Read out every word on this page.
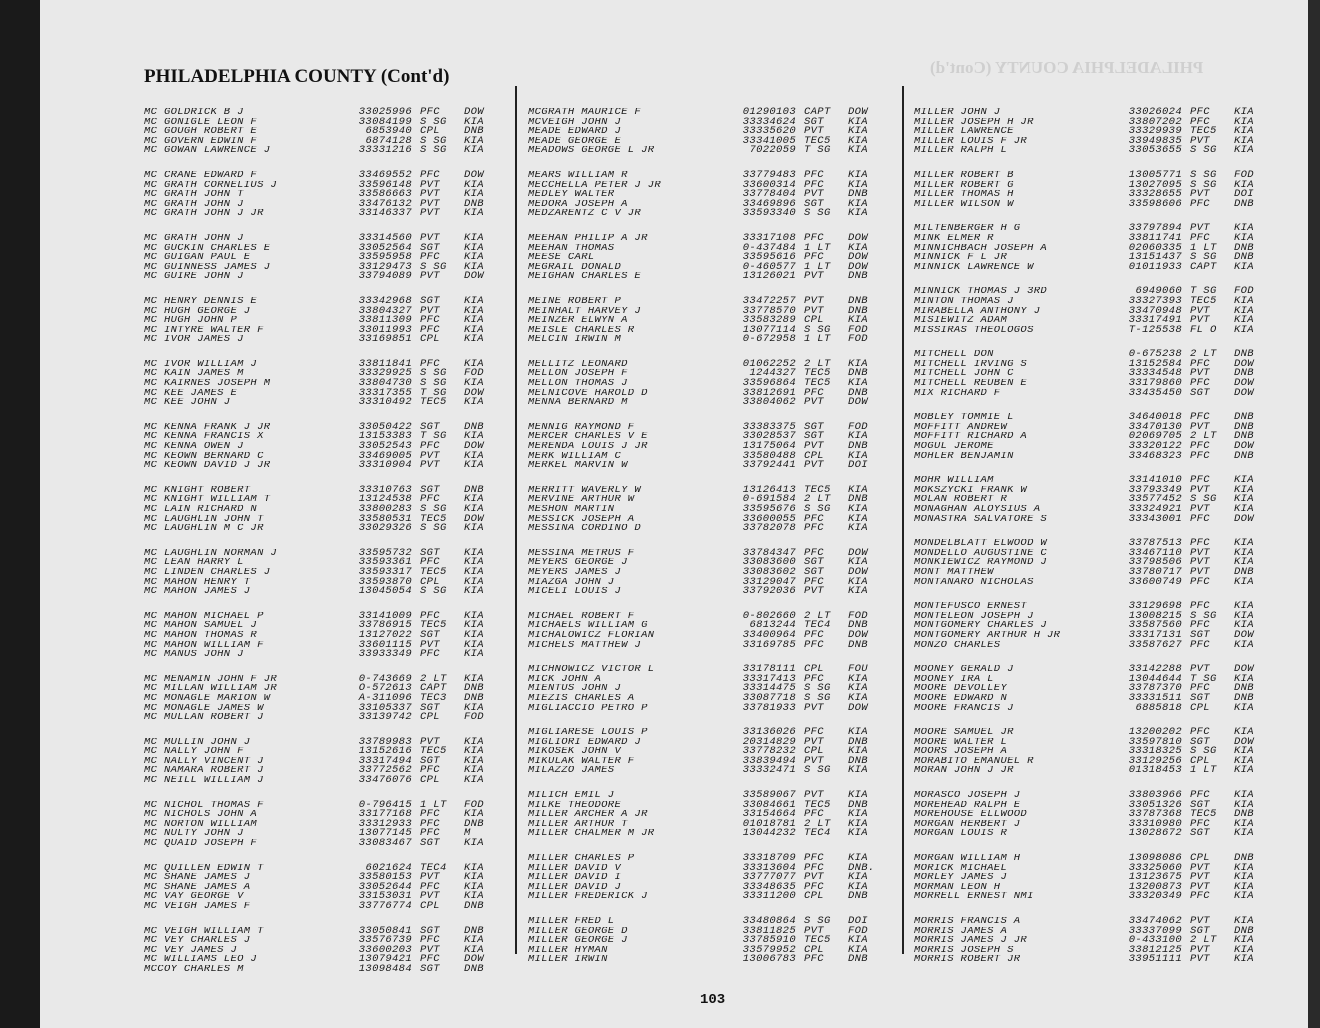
PHILADELPHIA COUNTY (Cont'd)	PHILADELPHIA COUNTY (Cont'd)
MC GOLDRICK B J	33025996 PFC	DOW
MC GONIGLE LEON F	33084199 S SG	KIA
MC GOUGH ROBERT E	6853940 CPL	DNB
MC GOVERN EDWIN F	6874128 S SG	KIA
MC GOWAN LAWRENCE J	33331216 S SG	KIA
MC CRANE EDWARD F	33469552 PFC	DOW
MC GRATH CORNELIUS J	33596148 PVT	KIA
MC GRATH JOHN T	33586663 PVT	KIA
MC GRATH JOHN J	33476132 PVT	DNB
MC GRATH JOHN J JR	33146337 PVT	KIA
MC GRATH JOHN J	33314560 PVT	KIA
MC GUCKIN CHARLES E	33052564 SGT	KIA
MC GUIGAN PAUL E	33595958 PFC	KIA
MC GUINNESS JAMES J	33129473 S SG	KIA
MC GUIRE JOHN J	33794089 PVT	DOW
MC HENRY DENNIS E	33342968 SGT	KIA
MC HUGH GEORGE J	33804327 PVT	KIA
MC HUGH JOHN P	33811309 PFC	KIA
MC INTYRE WALTER F	33011993 PFC	KIA
MC IVOR JAMES J	33169851 CPL	KIA
MC IVOR WILLIAM J	33811841 PFC	KIA
MC KAIN JAMES M	33329925 S SG	FOD
MC KAIRNES JOSEPH M	33804730 S SG	KIA
MC KEE JAMES E	33317355 T SG	DOW
MC KEE JOHN J	33310492 TEC5	KIA
MC KENNA FRANK J JR	33050422 SGT	DNB
MC KENNA FRANCIS X	13153383 T SG	KIA
MC KENNA OWEN J	33052543 PFC	DOW
MC KEOWN BERNARD C	33469005 PVT	KIA
MC KEOWN DAVID J JR	33310904 PVT	KIA
MC KNIGHT ROBERT	33310763 SGT	DNB
MC KNIGHT WILLIAM T	13124538 PFC	KIA
MC LAIN RICHARD N	33800283 S SG	KIA
MC LAUGHLIN JOHN T	33580531 TEC5	DOW
MC LAUGHLIN M C JR	33029326 S SG	KIA
MC LAUGHLIN NORMAN J	33595732 SGT	KIA
MC LEAN HARRY L	33593361 PFC	KIA
MC LINDEN CHARLES J	33593317 TEC5	KIA
MC MAHON HENRY T	33593870 CPL	KIA
MC MAHON JAMES J	13045054 S SG	KIA
MC MAHON MICHAEL P	33141009 PFC	KIA
MC MAHON SAMUEL J	33786915 TEC5	KIA
MC MAHON THOMAS R	13127022 SGT	KIA
MC MAHON WILLIAM F	33601115 PVT	KIA
MC MANUS JOHN J	33933349 PFC	KIA
MC MENAMIN JOHN F JR	0-743669 2 LT	KIA
MC MILLAN WILLIAM JR	O-572613 CAPT	DNB
MC MONAGLE MARION W	A-311096 TEC3	DNB
MC MONAGLE JAMES W	33105337 SGT	KIA
MC MULLAN ROBERT J	33139742 CPL	FOD
MC MULLIN JOHN J	33789983 PVT	KIA
MC NALLY JOHN F	13152616 TEC5	KIA
MC NALLY VINCENT J	33317494 SGT	KIA
MC NAMARA ROBERT J	33772562 PFC	KIA
MC NEILL WILLIAM J	33476076 CPL	KIA
MC NICHOL THOMAS F	0-796415 1 LT	FOD
MC NICHOLS JOHN A	33177168 PFC	KIA
MC NORTON WILLIAM	33312933 PFC	DNB
MC NULTY JOHN J	13077145 PFC	M
MC QUAID JOSEPH F	33083467 SGT	KIA
MC QUILLEN EDWIN T	6021624 TEC4	KIA
MC SHANE JAMES J	33580153 PVT	KIA
MC SHANE JAMES A	33052644 PFC	KIA
MC VAY GEORGE V	33153031 PVT	KIA
MC VEIGH JAMES F	33776774 CPL	DNB
MC VEIGH WILLIAM T	33050841 SGT	DNB
MC VEY CHARLES J	33576739 PFC	KIA
MC VEY JAMES J	33600203 PVT	KIA
MC WILLIAMS LEO J	13079421 PFC	DOW
MCCOY CHARLES M	13098484 SGT	DNB
MCGRATH MAURICE F	01290103 CAPT	DOW
MCVEIGH JOHN J	33334624 SGT	KIA
MEADE EDWARD J	33335620 PVT	KIA
MEADE GEORGE E	33341005 TEC5	KIA
MEADOWS GEORGE L JR	7022059 T SG	KIA
MEARS WILLIAM R	33779483 PFC	KIA
MECCHELLA PETER J JR	33600314 PFC	KIA
MEDLEY WALTER	33778404 PVT	DNB
MEDORA JOSEPH A	33469896 SGT	KIA
MEDZARENTZ C V JR	33593340 S SG	KIA
MEEHAN PHILIP A JR	33317108 PFC	DOW
MEEHAN THOMAS	0-437484 1 LT	KIA
MEESE CARL	33595616 PFC	DOW
MEGRAIL DONALD	0-460577 1 LT	DOW
MEIGHAN CHARLES E	13126021 PVT	DNB
MEINE ROBERT P	33472257 PVT	DNB
MEINHALT HARVEY J	33778570 PVT	DNB
MEINZER ELWYN A	33583289 CPL	KIA
MEISLE CHARLES R	13077114 S SG	FOD
MELCIN IRWIN M	0-672958 1 LT	FOD
MELLITZ LEONARD	01062252 2 LT	KIA
MELLON JOSEPH F	1244327 TEC5	DNB
MELLON THOMAS J	33596864 TEC5	KIA
MELNICOVE HAROLD D	33812691 PFC	DNB
MENNA BERNARD M	33804062 PVT	DOW
MENNIG RAYMOND F	33383375 SGT	FOD
MERCER CHARLES V E	33028537 SGT	KIA
MERENDA LOUIS J JR	13175064 PVT	DNB
MERK WILLIAM C	33580488 CPL	KIA
MERKEL MARVIN W	33792441 PVT	DOI
MERRITT WAVERLY W	13126413 TEC5	KIA
MERVINE ARTHUR W	0-691584 2 LT	DNB
MESHON MARTIN	33595676 S SG	KIA
MESSICK JOSEPH A	33600055 PFC	KIA
MESSINA CORDINO D	33782078 PFC	KIA
MESSINA METRUS F	33784347 PFC	DOW
MEYERS GEORGE J	33083600 SGT	KIA
MEYERS JAMES J	33083602 SGT	DOW
MIAZGA JOHN J	33129047 PFC	KIA
MICELI LOUIS J	33792036 PVT	KIA
MICHAEL ROBERT F	0-802660 2 LT	FOD
MICHAELS WILLIAM G	6813244 TEC4	DNB
MICHALOWICZ FLORIAN	33400964 PFC	DOW
MICHELS MATTHEW J	33169785 PFC	DNB
MICHNOWICZ VICTOR L	33178111 CPL	FOU
MICK JOHN A	33317413 PFC	KIA
MIENTUS JOHN J	33314475 S SG	KIA
MIEZIS CHARLES A	33087718 S SG	KIA
MIGLIACCIO PETRO P	33781933 PVT	DOW
MIGLIARESE LOUIS P	33136026 PFC	KIA
MIGLIORI EDWARD J	20314829 PVT	DNB
MIKOSEK JOHN V	33778232 CPL	KIA
MIKULAK WALTER F	33839494 PVT	DNB
MILAZZO JAMES	33332471 S SG	KIA
MILICH EMIL J	33589067 PVT	KIA
MILKE THEODORE	33084661 TEC5	DNB
MILLER ARCHER A JR	33154664 PFC	KIA
MILLER ARTHUR T	01018781 2 LT	KIA
MILLER CHALMER M JR	13044232 TEC4	KIA
MILLER CHARLES P	33318709 PFC	KIA
MILLER DAVID V	33313604 PFC	DNB.
MILLER DAVID I	33777077 PVT	KIA
MILLER DAVID J	33348635 PFC	KIA
MILLER FREDERICK J	33311200 CPL	DNB
MILLER FRED L	33480864 S SG	DOI
MILLER GEORGE D	33811825 PVT	FOD
MILLER GEORGE J	33785910 TEC5	KIA
MILLER HYMAN	33579952 CPL	KIA
MILLER IRWIN	13006783 PFC	DNB
MILLER JOHN J	33026024 PFC	KIA
MILLER JOSEPH H JR	33807202 PFC	KIA
MILLER LAWRENCE	33329939 TEC5	KIA
MILLER LOUIS F JR	33949835 PVT	KIA
MILLER RALPH L	33053655 S SG	KIA
MILLER ROBERT B	13005771 S SG	FOD
MILLER ROBERT G	13027095 S SG	KIA
MILLER THOMAS H	33328655 PVT	DOI
MILLER WILSON W	33598606 PFC	DNB
MILTENBERGER H G	33797894 PVT	KIA
MINK ELMER R	33811741 PFC	KIA
MINNICHBACH JOSEPH A	02060335 1 LT	DNB
MINNICK F L JR	13151437 S SG	DNB
MINNICK LAWRENCE W	01011933 CAPT	KIA
MINNICK THOMAS J 3RD	6949060 T SG	FOD
MINTON THOMAS J	33327393 TEC5	KIA
MIRABELLA ANTHONY J	33470948 PVT	KIA
MISIEWITZ ADAM	33317491 PVT	KIA
MISSIRAS THEOLOGOS	T-125538 FL O	KIA
MITCHELL DON	0-675238 2 LT	DNB
MITCHELL IRVING S	13152584 PFC	DOW
MITCHELL JOHN C	33334548 PVT	DNB
MITCHELL REUBEN E	33179860 PFC	DOW
MIX RICHARD F	33435450 SGT	DOW
MOBLEY TOMMIE L	34640018 PFC	DNB
MOFFITT ANDREW	33470130 PVT	DNB
MOFFITT RICHARD A	02069705 2 LT	DNB
MOGUL JEROME	33320122 PFC	DOW
MOHLER BENJAMIN	33468323 PFC	DNB
MOHR WILLIAM	33141010 PFC	KIA
MOKSZYCKI FRANK W	33793349 PVT	KIA
MOLAN ROBERT R	33577452 S SG	KIA
MONAGHAN ALOYSIUS A	33324921 PVT	KIA
MONASTRA SALVATORE S	33343001 PFC	DOW
MONDELBLATT ELWOOD W	33787513 PFC	KIA
MONDELLO AUGUSTINE C	33467110 PVT	KIA
MONKIEWICZ RAYMOND J	33798506 PVT	KIA
MONT MATTHEW	33780717 PVT	DNB
MONTANARO NICHOLAS	33600749 PFC	KIA
MONTEFUSCO ERNEST	33129698 PFC	KIA
MONTELEON JOSEPH J	13008215 S SG	KIA
MONTGOMERY CHARLES J	33587560 PFC	KIA
MONTGOMERY ARTHUR H JR	33317131 SGT	DOW
MONZO CHARLES	33587627 PFC	KIA
MOONEY GERALD J	33142288 PVT	DOW
MOONEY IRA L	13044644 T SG	KIA
MOORE DEVOLLEY	33787370 PFC	DNB
MOORE EDWARD N	33331511 SGT	DNB
MOORE FRANCIS J	6885818 CPL	KIA
MOORE SAMUEL JR	13200202 PFC	KIA
MOORE WALTER L	33597810 SGT	DOW
MOORS JOSEPH A	33318325 S SG	KIA
MORABITO EMANUEL R	33129256 CPL	KIA
MORAN JOHN J JR	01318453 1 LT	KIA
MORASCO JOSEPH J	33803966 PFC	KIA
MOREHEAD RALPH E	33051326 SGT	KIA
MOREHOUSE ELLWOOD	33787368 TEC5	DNB
MORGAN HERBERT J	33310980 PFC	KIA
MORGAN LOUIS R	13028672 SGT	KIA
MORGAN WILLIAM H	13098086 CPL	DNB
MORICK MICHAEL	33325060 PVT	KIA
MORLEY JAMES J	13123675 PVT	KIA
MORMAN LEON H	13200873 PVT	KIA
MORRELL ERNEST NMI	33320349 PFC	KIA
MORRIS FRANCIS A	33474062 PVT	KIA
MORRIS JAMES A	33337099 SGT	DNB
MORRIS JAMES J JR	0-433100 2 LT	KIA
MORRIS JOSEPH S	33812125 PVT	KIA
MORRIS ROBERT JR	33951111 PVT	KIA
103
